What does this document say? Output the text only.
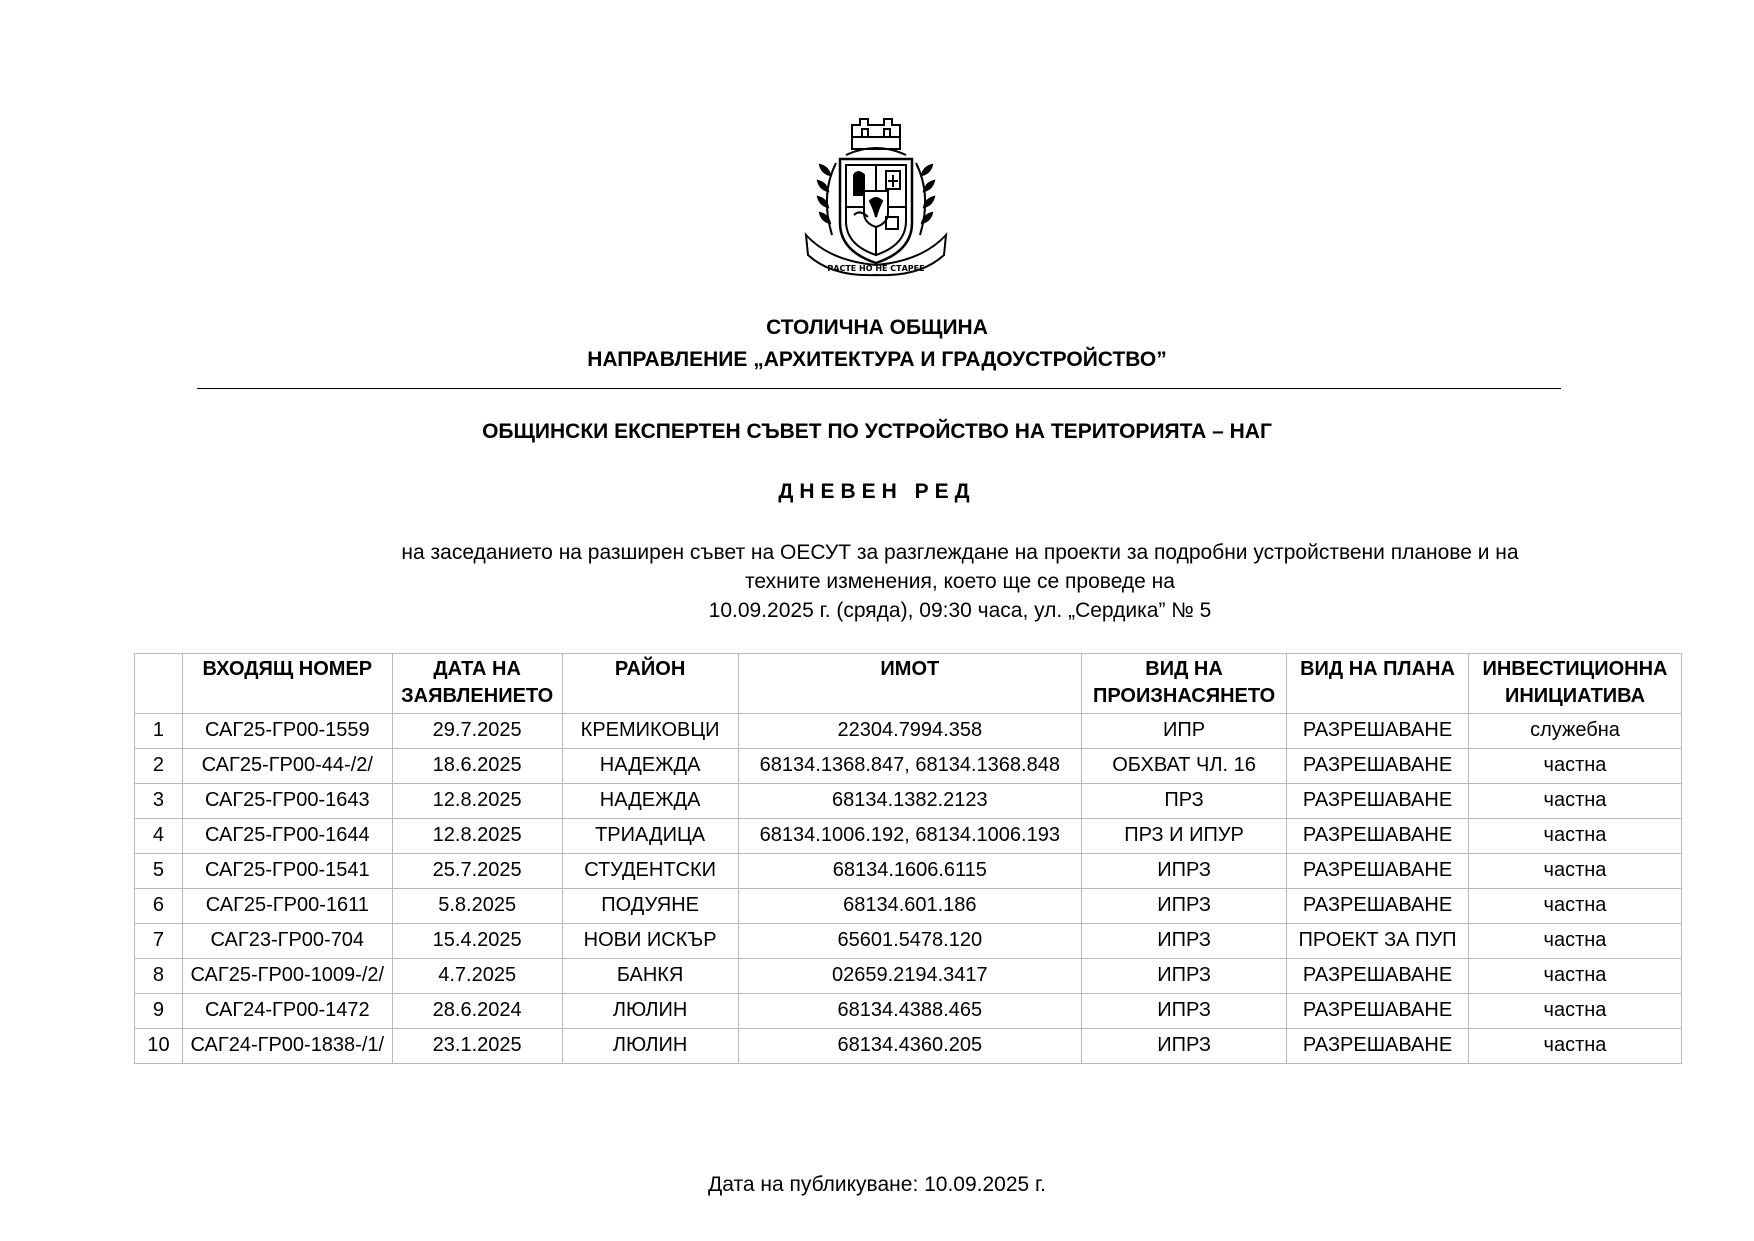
РАСТЕ НО НЕ СТАРЕЕ
СТОЛИЧНА ОБЩИНА
НАПРАВЛЕНИЕ „АРХИТЕКТУРА И ГРАДОУСТРОЙСТВО”
ОБЩИНСКИ ЕКСПЕРТЕН СЪВЕТ ПО УСТРОЙСТВО НА ТЕРИТОРИЯТА – НАГ
ДНЕВЕН РЕД
на заседанието на разширен съвет на ОЕСУТ за разглеждане на проекти за подробни устройствени планове и на
техните изменения, което ще се проведе на
10.09.2025 г. (сряда), 09:30 часа, ул. „Сердика” № 5
	ВХОДЯЩ НОМЕР	ДАТА НА ЗАЯВЛЕНИЕТО	РАЙОН	ИМОТ	ВИД НА ПРОИЗНАСЯНЕТО	ВИД НА ПЛАНА	ИНВЕСТИЦИОННА ИНИЦИАТИВА
1	САГ25-ГР00-1559	29.7.2025	КРЕМИКОВЦИ	22304.7994.358	ИПР	РАЗРЕШАВАНЕ	служебна
2	САГ25-ГР00-44-/2/	18.6.2025	НАДЕЖДА	68134.1368.847, 68134.1368.848	ОБХВАТ ЧЛ. 16	РАЗРЕШАВАНЕ	частна
3	САГ25-ГР00-1643	12.8.2025	НАДЕЖДА	68134.1382.2123	ПРЗ	РАЗРЕШАВАНЕ	частна
4	САГ25-ГР00-1644	12.8.2025	ТРИАДИЦА	68134.1006.192, 68134.1006.193	ПРЗ И ИПУР	РАЗРЕШАВАНЕ	частна
5	САГ25-ГР00-1541	25.7.2025	СТУДЕНТСКИ	68134.1606.6115	ИПРЗ	РАЗРЕШАВАНЕ	частна
6	САГ25-ГР00-1611	5.8.2025	ПОДУЯНЕ	68134.601.186	ИПРЗ	РАЗРЕШАВАНЕ	частна
7	САГ23-ГР00-704	15.4.2025	НОВИ ИСКЪР	65601.5478.120	ИПРЗ	ПРОЕКТ ЗА ПУП	частна
8	САГ25-ГР00-1009-/2/	4.7.2025	БАНКЯ	02659.2194.3417	ИПРЗ	РАЗРЕШАВАНЕ	частна
9	САГ24-ГР00-1472	28.6.2024	ЛЮЛИН	68134.4388.465	ИПРЗ	РАЗРЕШАВАНЕ	частна
10	САГ24-ГР00-1838-/1/	23.1.2025	ЛЮЛИН	68134.4360.205	ИПРЗ	РАЗРЕШАВАНЕ	частна
Дата на публикуване: 10.09.2025 г.
